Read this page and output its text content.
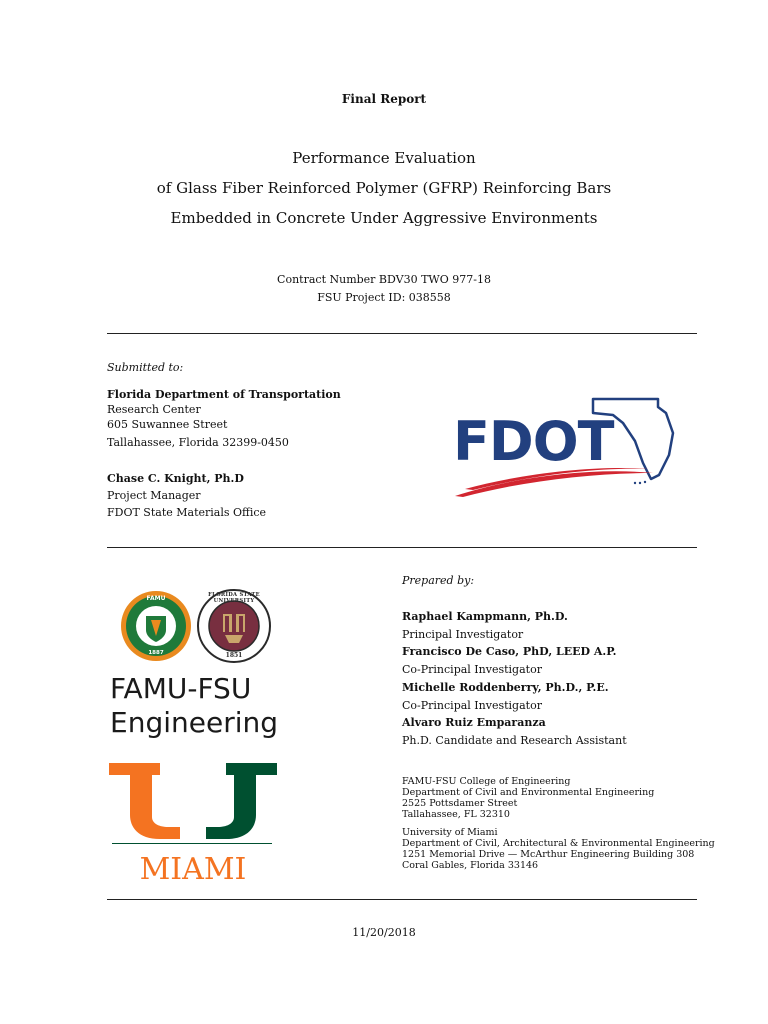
Final Report
Performance Evaluation
of Glass Fiber Reinforced Polymer (GFRP) Reinforcing Bars
Embedded in Concrete Under Aggressive Environments
Contract Number BDV30 TWO 977-18
FSU Project ID: 038558
Submitted to:
Florida Department of Transportation
Research Center
605 Suwannee Street
Tallahassee, Florida 32399-0450
Chase C. Knight, Ph.D
Project Manager
FDOT State Materials Office
FDOT
FAMU
1887
FLORIDA STATE UNIVERSITY
1851
FAMU-FSU
Engineering
MIAMI
Prepared by:
Raphael Kampmann, Ph.D.
Principal Investigator
Francisco De Caso, PhD, LEED A.P.
Co-Principal Investigator
Michelle Roddenberry, Ph.D., P.E.
Co-Principal Investigator
Alvaro Ruiz Emparanza
Ph.D. Candidate and Research Assistant
FAMU-FSU College of Engineering
Department of Civil and Environmental Engineering
2525 Pottsdamer Street
Tallahassee, FL 32310
University of Miami
Department of Civil, Architectural & Environmental Engineering
1251 Memorial Drive — McArthur Engineering Building 308
Coral Gables, Florida 33146
11/20/2018
